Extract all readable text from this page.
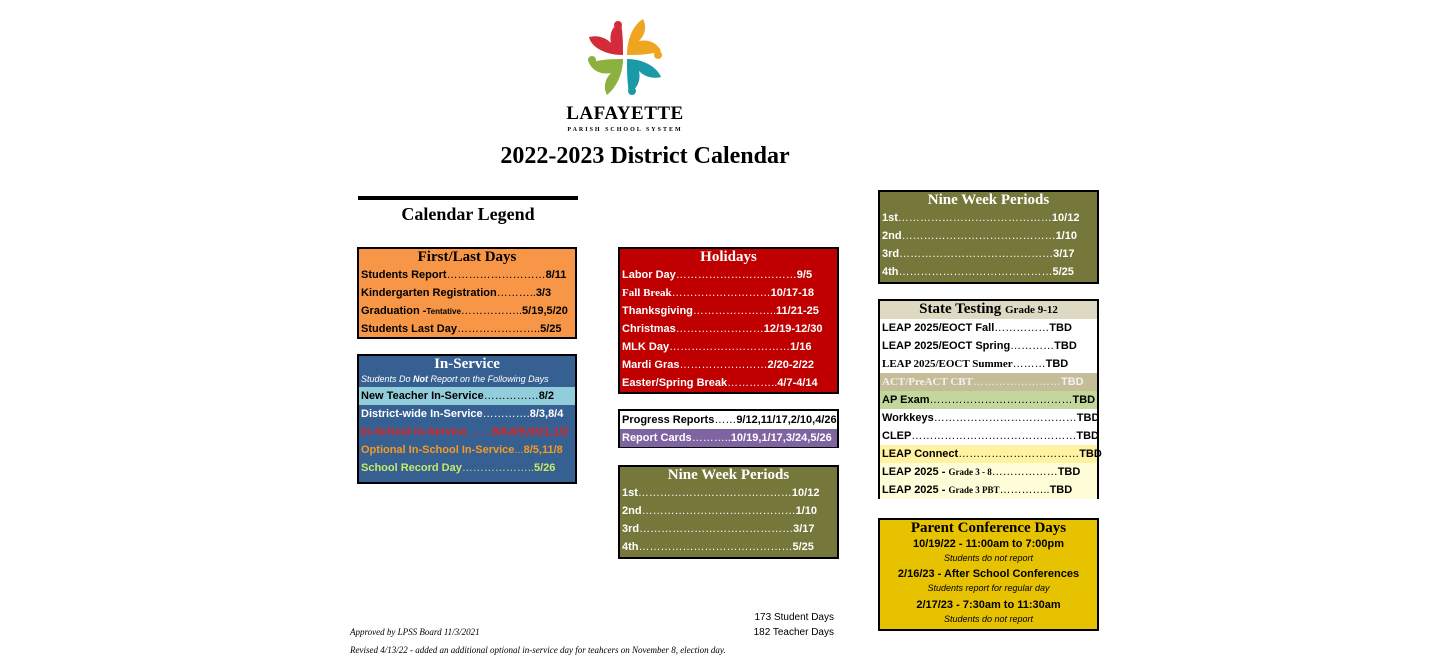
LAFAYETTE
PARISH SCHOOL SYSTEM
2022-2023 District Calendar
Calendar Legend
First/Last Days
Students Report………………………8/11
Kindergarten Registration………..3/3
Graduation -Tentative……………..5/19,5/20
Students Last Day…………………..5/25
In-Service
Students Do Not Report on the Following Days
New Teacher In-Service……………8/2
District-wide In-Service………….8/3,8/4
In-School In-Service…….8/8,8/9,9/21,1/2
Optional In-School In-Service...8/5,11/8
School Record Day………………..5/26
Holidays
Labor Day……………………………9/5
Fall Break………………………10/17-18
Thanksgiving…………………..11/21-25
Christmas……………………12/19-12/30
MLK Day……………………………1/16
Mardi Gras……………………2/20-2/22
Easter/Spring Break…………..4/7-4/14
Progress Reports……9/12,11/17,2/10,4/26
Report Cards………..10/19,1/17,3/24,5/26
Nine Week Periods
1st……………………………………10/12
2nd……………………………………1/10
3rd……………………………………3/17
4th……………………………………5/25
Nine Week Periods
1st……………………………………10/12
2nd……………………………………1/10
3rd……………………………………3/17
4th……………………………………5/25
State Testing Grade 9-12
LEAP 2025/EOCT Fall……………TBD
LEAP 2025/EOCT Spring…………TBD
LEAP 2025/EOCT Summer………TBD
ACT/PreACT CBT……………………TBD
AP Exam…………………………………TBD
Workkeys…………………………………TBD
CLEP………………………………………TBD
LEAP Connect……………………………TBD
LEAP 2025 - Grade 3 - 8………………TBD
LEAP 2025 - Grade 3 PBT…………..TBD
Parent Conference Days
10/19/22 - 11:00am to 7:00pm
Students do not report
2/16/23 - After School Conferences
Students report for regular day
2/17/23 - 7:30am to 11:30am
Students do not report
173 Student Days
182 Teacher Days
Approved by LPSS Board 11/3/2021
Revised 4/13/22 - added an additional optional in-service day for teahcers on November 8, election day.
